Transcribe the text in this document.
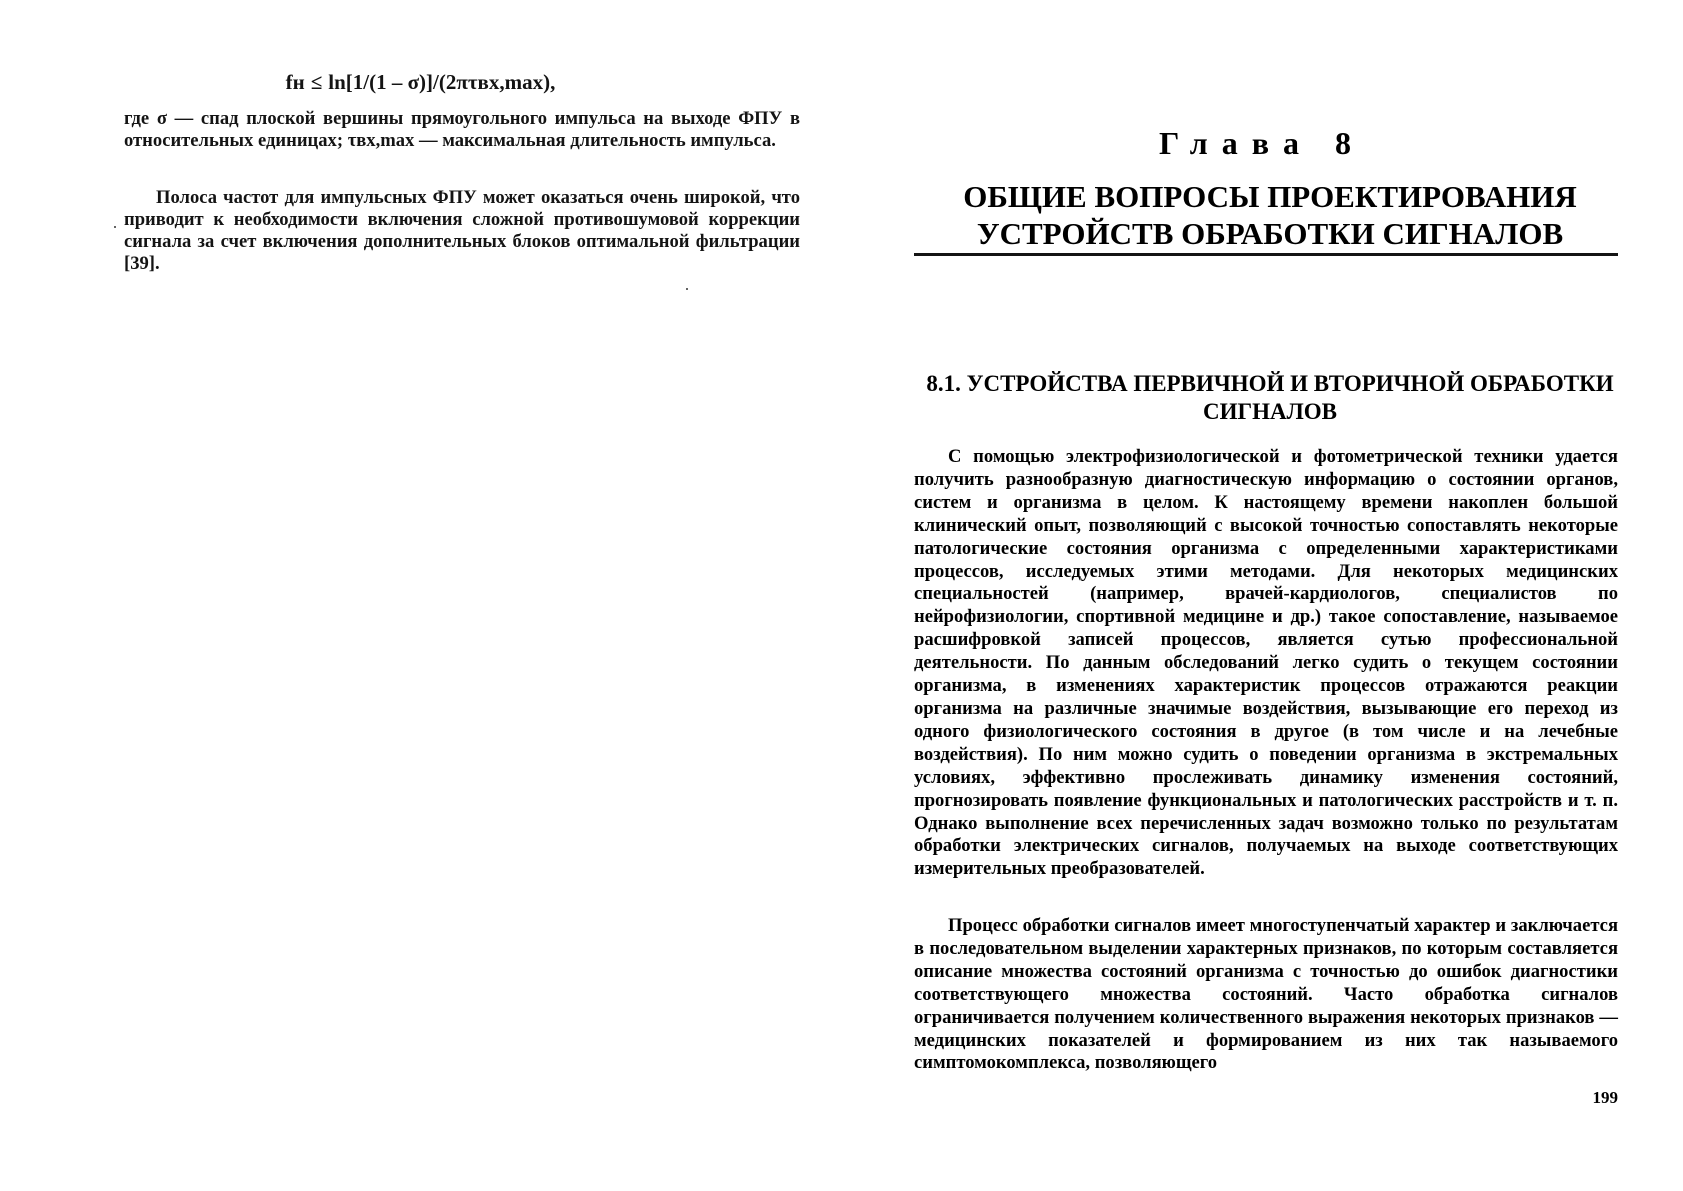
fн ≤ ln[1/(1 – σ)]/(2πτвх,max),

где σ — спад плоской вершины прямоугольного импульса на выходе ФПУ в относительных единицах; τвх,max — максимальная длительность импульса.

Полоса частот для импульсных ФПУ может оказаться очень широкой, что приводит к необходимости включения сложной противошумовой коррекции сигнала за счет включения дополнительных блоков оптимальной фильтрации [39].

Глава 8
ОБЩИЕ ВОПРОСЫ ПРОЕКТИРОВАНИЯ УСТРОЙСТВ ОБРАБОТКИ СИГНАЛОВ
8.1. УСТРОЙСТВА ПЕРВИЧНОЙ И ВТОРИЧНОЙ ОБРАБОТКИ СИГНАЛОВ

С помощью электрофизиологической и фотометрической техники удается получить разнообразную диагностическую информацию о состоянии органов, систем и организма в целом. К настоящему времени накоплен большой клинический опыт, позволяющий с высокой точностью сопоставлять некоторые патологические состояния организма с определенными характеристиками процессов, исследуемых этими методами. Для некоторых медицинских специальностей (например, врачей-кардиологов, специалистов по нейрофизиологии, спортивной медицине и др.) такое сопоставление, называемое расшифровкой записей процессов, является сутью профессиональной деятельности. По данным обследований легко судить о текущем состоянии организма, в изменениях характеристик процессов отражаются реакции организма на различные значимые воздействия, вызывающие его переход из одного физиологического состояния в другое (в том числе и на лечебные воздействия). По ним можно судить о поведении организма в экстремальных условиях, эффективно прослеживать динамику изменения состояний, прогнозировать появление функциональных и патологических расстройств и т. п. Однако выполнение всех перечисленных задач возможно только по результатам обработки электрических сигналов, получаемых на выходе соответствующих измерительных преобразователей.

Процесс обработки сигналов имеет многоступенчатый характер и заключается в последовательном выделении характерных признаков, по которым составляется описание множества состояний организма с точностью до ошибок диагностики соответствующего множества состояний. Часто обработка сигналов ограничивается получением количественного выражения некоторых признаков — медицинских показателей и формированием из них так называемого симптомокомплекса, позволяющего

199
